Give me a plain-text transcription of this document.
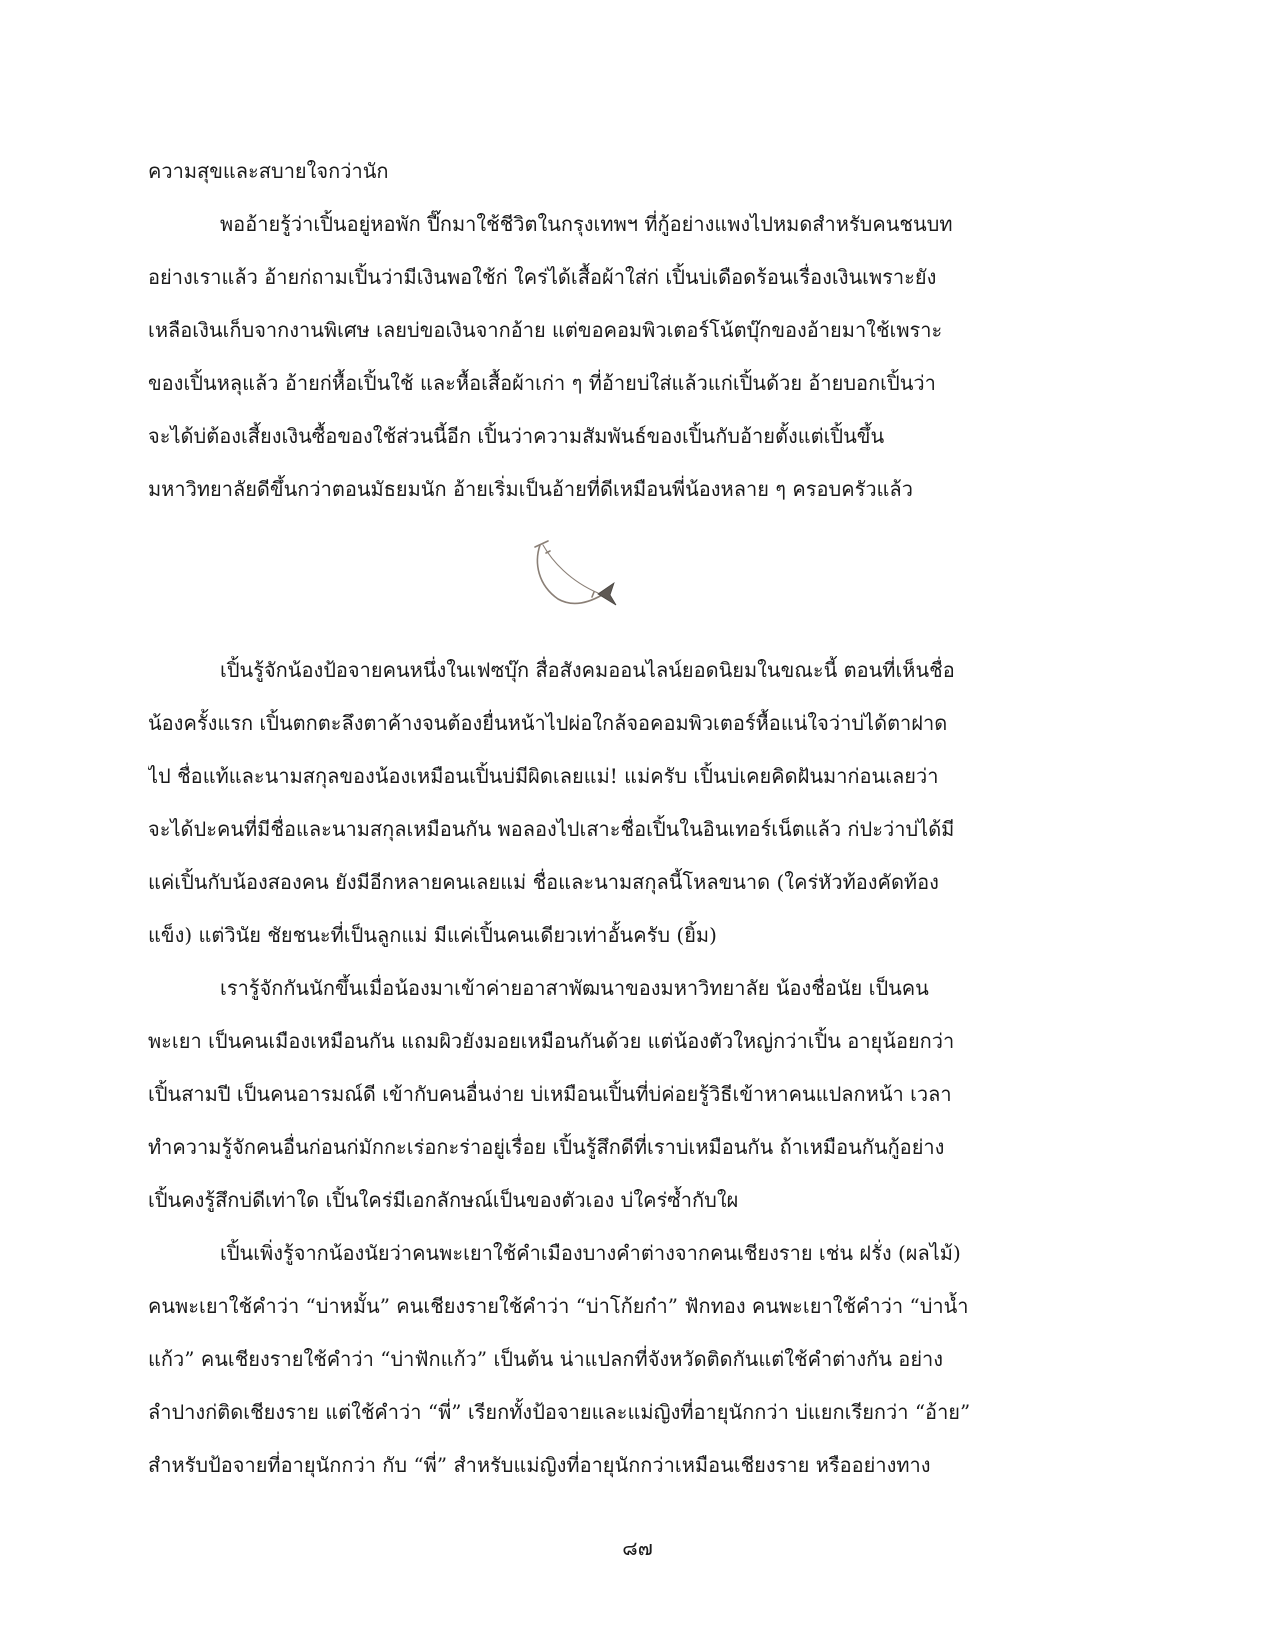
ความสุขและสบายใจกว่านัก
พออ้ายรู้ว่าเปิ้นอยู่หอพัก ปี๊กมาใช้ชีวิตในกรุงเทพฯ ที่กู้อย่างแพงไปหมดสำหรับคนชนบท
อย่างเราแล้ว อ้ายก่ถามเปิ้นว่ามีเงินพอใช้ก่ ใคร่ได้เสื้อผ้าใส่ก่ เปิ้นบ่เดือดร้อนเรื่องเงินเพราะยัง
เหลือเงินเก็บจากงานพิเศษ เลยบ่ขอเงินจากอ้าย แต่ขอคอมพิวเตอร์โน้ตบุ๊กของอ้ายมาใช้เพราะ
ของเปิ้นหลุแล้ว อ้ายก่หื้อเปิ้นใช้ และหื้อเสื้อผ้าเก่า ๆ ที่อ้ายบ่ใส่แล้วแก่เปิ้นด้วย อ้ายบอกเปิ้นว่า
จะได้บ่ต้องเสี้ยงเงินซื้อของใช้ส่วนนี้อีก เปิ้นว่าความสัมพันธ์ของเปิ้นกับอ้ายตั้งแต่เปิ้นขึ้น
มหาวิทยาลัยดีขึ้นกว่าตอนมัธยมนัก อ้ายเริ่มเป็นอ้ายที่ดีเหมือนพี่น้องหลาย ๆ ครอบครัวแล้ว
เปิ้นรู้จักน้องป้อจายคนหนึ่งในเฟซบุ๊ก สื่อสังคมออนไลน์ยอดนิยมในขณะนี้ ตอนที่เห็นชื่อ
น้องครั้งแรก เปิ้นตกตะลึงตาค้างจนต้องยื่นหน้าไปผ่อใกล้จอคอมพิวเตอร์หื้อแน่ใจว่าบ่ได้ตาฝาด
ไป ชื่อแท้และนามสกุลของน้องเหมือนเปิ้นบ่มีผิดเลยแม่! แม่ครับ เปิ้นบ่เคยคิดฝันมาก่อนเลยว่า
จะได้ปะคนที่มีชื่อและนามสกุลเหมือนกัน พอลองไปเสาะชื่อเปิ้นในอินเทอร์เน็ตแล้ว ก่ปะว่าบ่ได้มี
แค่เปิ้นกับน้องสองคน ยังมีอีกหลายคนเลยแม่ ชื่อและนามสกุลนี้โหลขนาด (ใคร่หัวท้องคัดท้อง
แข็ง) แต่วินัย ชัยชนะที่เป็นลูกแม่ มีแค่เปิ้นคนเดียวเท่าอั้นครับ (ยิ้ม)
เรารู้จักกันนักขึ้นเมื่อน้องมาเข้าค่ายอาสาพัฒนาของมหาวิทยาลัย น้องชื่อนัย เป็นคน
พะเยา เป็นคนเมืองเหมือนกัน แถมผิวยังมอยเหมือนกันด้วย แต่น้องตัวใหญ่กว่าเปิ้น อายุน้อยกว่า
เปิ้นสามปี เป็นคนอารมณ์ดี เข้ากับคนอื่นง่าย บ่เหมือนเปิ้นที่บ่ค่อยรู้วิธีเข้าหาคนแปลกหน้า เวลา
ทำความรู้จักคนอื่นก่อนก่มักกะเร่อกะร่าอยู่เรื่อย เปิ้นรู้สึกดีที่เราบ่เหมือนกัน ถ้าเหมือนกันกู้อย่าง
เปิ้นคงรู้สึกบ่ดีเท่าใด เปิ้นใคร่มีเอกลักษณ์เป็นของตัวเอง บ่ใคร่ซ้ำกับใผ
เปิ้นเพิ่งรู้จากน้องนัยว่าคนพะเยาใช้คำเมืองบางคำต่างจากคนเชียงราย เช่น ฝรั่ง (ผลไม้)
คนพะเยาใช้คำว่า “บ่าหมั้น” คนเชียงรายใช้คำว่า “บ่าโก้ยก๋า” ฟักทอง คนพะเยาใช้คำว่า “บ่าน้ำ
แก้ว” คนเชียงรายใช้คำว่า “บ่าฟักแก้ว” เป็นต้น น่าแปลกที่จังหวัดติดกันแต่ใช้คำต่างกัน อย่าง
ลำปางก่ติดเชียงราย แต่ใช้คำว่า “พี่” เรียกทั้งป้อจายและแม่ญิงที่อายุนักกว่า บ่แยกเรียกว่า “อ้าย”
สำหรับป้อจายที่อายุนักกว่า กับ “พี่” สำหรับแม่ญิงที่อายุนักกว่าเหมือนเชียงราย หรืออย่างทาง
๘๗
